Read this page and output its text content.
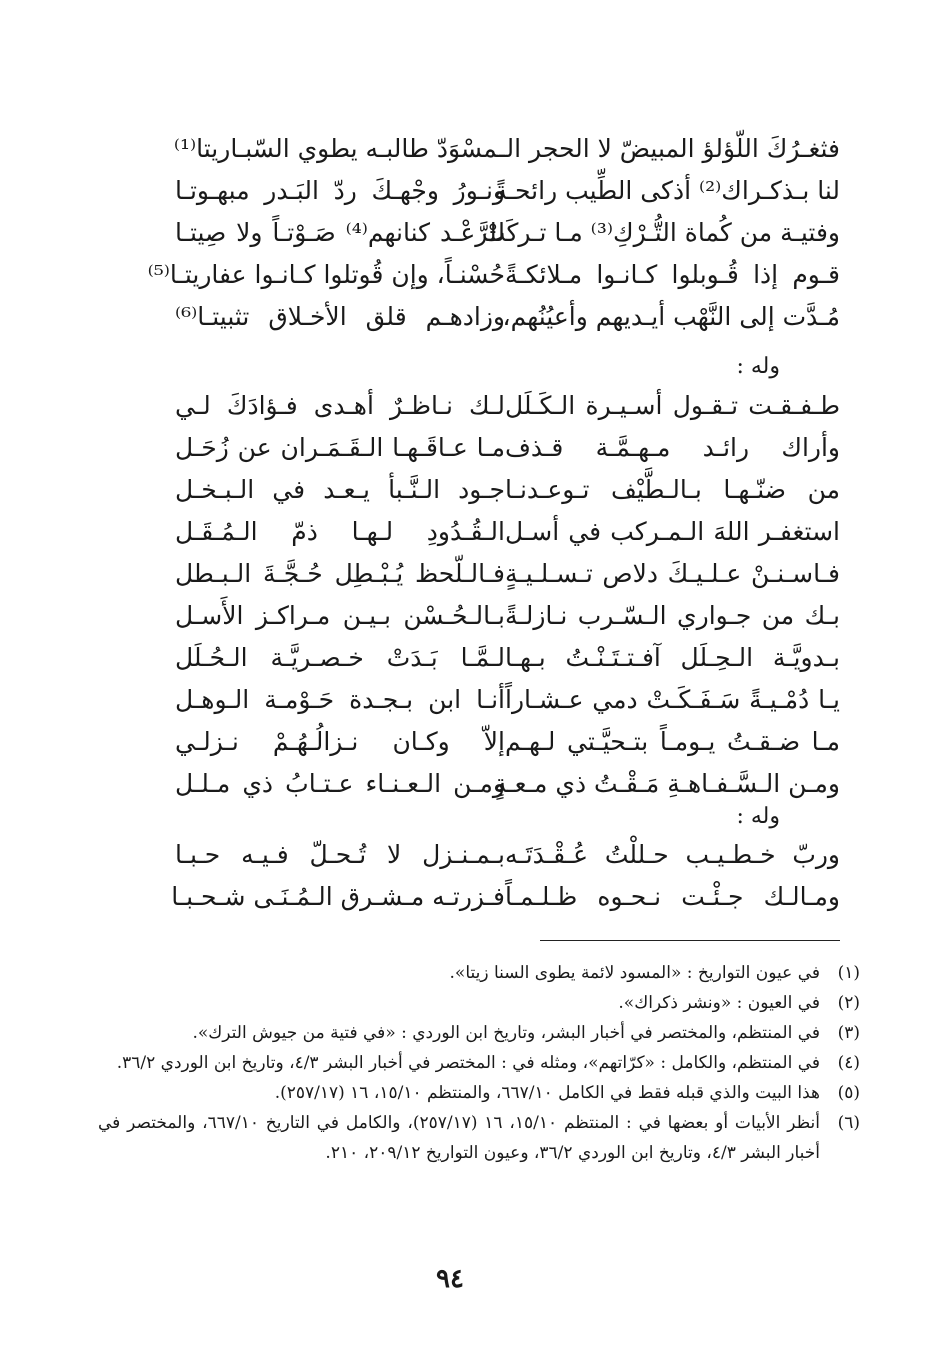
فثغـرُكَ اللّؤلؤ المبيضّ لا الحجر الـ
ـمسْوَدّ طالبـه يطوي السّبـاريتا⁽¹⁾
لنا بـذكـراك⁽²⁾ أذكى الطِّيب رائحـةً
ونـورُ وجْهـكَ ردّ البَـدر مبهـوتـا
وفتيـة من كُماة التُّـرْكِ⁽³⁾ مـا تـركَتْ
للرَّعْـد كنانهم⁽⁴⁾ صَـوْتـاً ولا صِيتـا
قـوم إذا قُـوبلوا كـانـوا مـلائكـةً
حُسْنـاً، وإن قُوتلوا كـانـوا عفاريتـا⁽⁵⁾
مُـدَّت إلى النَّهْب أيـديهم وأعيُنُهم،
وزادهـم قلق الأخـلاق تثبيتـا⁽⁶⁾
وله :
طـفـقـت تـقـول أسـيـرة الـكَـلَل
لـك نـاظـرٌ أهـدى فـؤادَكَ لـي
وأراك رائـد مـهـمَّـة قـذف
مـا عـاقَـهـا الـقَـمَـران عن زُحَـل
من ضنّـهـا بـالـطَّيْف تـوعـدنـا
جـود الـنَّـبأ يـعـد في الـبـخـل
استغفـر اللهَ الـمـركب في أسـل
الـقُـدُودِ لـهـا ذمّ الـمُـقَـل
فـاسـنـنْ عـلـيـكَ دلاص تـسـلـيـةٍ
فـالـلّحظ يُـبْـطِل حُـجَّـةَ الـبـطل
بـك من جـواري الـسّـرب نـازلـةً
بـالـحُـسْن بـيـن مـراكـز الأَسـل
بـدويَّـة الـحِـلَل آفـتـتَـنْـتُ بـهـا
لـمَّـا بَـدَتْ خـصـريَّـة الـحُـلَل
يـا دُمْـيـةً سَـفَـكَـتْ دمي عـشـاراً
أنـا ابن بـجـدة حَـوْمـة الـوهـل
مـا ضـقـتُ يـومـاً بتـحيَّـتي لـهـم
إلاّ وكـان نـزالُـهُـمْ نـزلـي
ومـن الـسَّـفـاهـةِ مَـقْـتُ ذي مـعـةٍ
ومـن الـعـنـاء عـتـابُ ذي مـلـل
وله :
وربّ خـطـيـب حـللْتُ عُـقْـدَتَـه
بـمـنـزل لا تُـحـلّ فـيـه حـبـا
ومـالـك جـئْـت نـحـوه ظـلـمـاً
فـزرتـه مـشـرق الـمُـنَـى شـحـبـا
(١)
في عيون التواريخ : «المسود لائمة يطوى السنا زيتا».
(٢)
في العيون : «ونشر ذكراك».
(٣)
في المنتظم، والمختصر في أخبار البشر، وتاريخ ابن الوردي : «في فتية من جيوش الترك».
(٤)
في المنتظم، والكامل : «كرّاتهم»، ومثله في : المختصر في أخبار البشر ٤/٣، وتاريخ ابن الوردي ٣٦/٢.
(٥)
هذا البيت والذي قبله فقط في الكامل ٦٦٧/١٠، والمنتظم ١٥/١٠، ١٦ (٢٥٧/١٧).
(٦)
أنظر الأبيات أو بعضها في : المنتظم ١٥/١٠، ١٦ (٢٥٧/١٧)، والكامل في التاريخ ٦٦٧/١٠، والمختصر في أخبار البشر ٤/٣، وتاريخ ابن الوردي ٣٦/٢، وعيون التواريخ ٢٠٩/١٢، ٢١٠.
٩٤
